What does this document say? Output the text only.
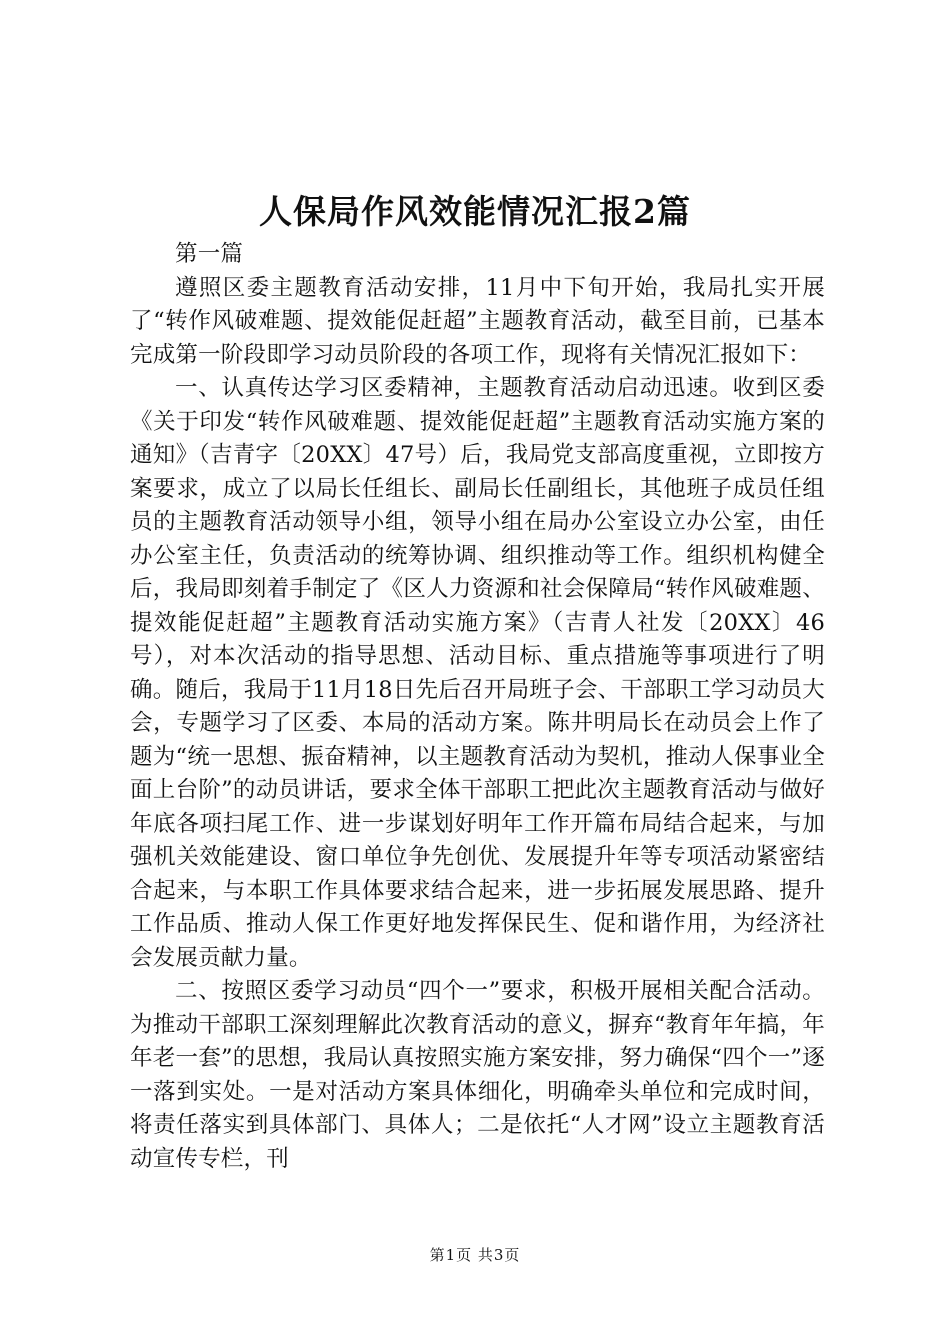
人保局作风效能情况汇报2篇

第一篇

遵照区委主题教育活动安排，11月中下旬开始，我局扎实开展了“转作风破难题、提效能促赶超”主题教育活动，截至目前，已基本完成第一阶段即学习动员阶段的各项工作，现将有关情况汇报如下：

一、认真传达学习区委精神，主题教育活动启动迅速。收到区委《关于印发“转作风破难题、提效能促赶超”主题教育活动实施方案的通知》（吉青字〔20XX〕47号）后，我局党支部高度重视，立即按方案要求，成立了以局长任组长、副局长任副组长，其他班子成员任组员的主题教育活动领导小组，领导小组在局办公室设立办公室，由任办公室主任，负责活动的统筹协调、组织推动等工作。组织机构健全后，我局即刻着手制定了《区人力资源和社会保障局“转作风破难题、提效能促赶超”主题教育活动实施方案》（吉青人社发〔20XX〕46号），对本次活动的指导思想、活动目标、重点措施等事项进行了明确。随后，我局于11月18日先后召开局班子会、干部职工学习动员大会，专题学习了区委、本局的活动方案。陈井明局长在动员会上作了题为“统一思想、振奋精神，以主题教育活动为契机，推动人保事业全面上台阶”的动员讲话，要求全体干部职工把此次主题教育活动与做好年底各项扫尾工作、进一步谋划好明年工作开篇布局结合起来，与加强机关效能建设、窗口单位争先创优、发展提升年等专项活动紧密结合起来，与本职工作具体要求结合起来，进一步拓展发展思路、提升工作品质、推动人保工作更好地发挥保民生、促和谐作用，为经济社会发展贡献力量。

二、按照区委学习动员“四个一”要求，积极开展相关配合活动。为推动干部职工深刻理解此次教育活动的意义，摒弃“教育年年搞，年年老一套”的思想，我局认真按照实施方案安排，努力确保“四个一”逐一落到实处。一是对活动方案具体细化，明确牵头单位和完成时间，将责任落实到具体部门、具体人；二是依托“人才网”设立主题教育活动宣传专栏，刊

第1页 共3页
